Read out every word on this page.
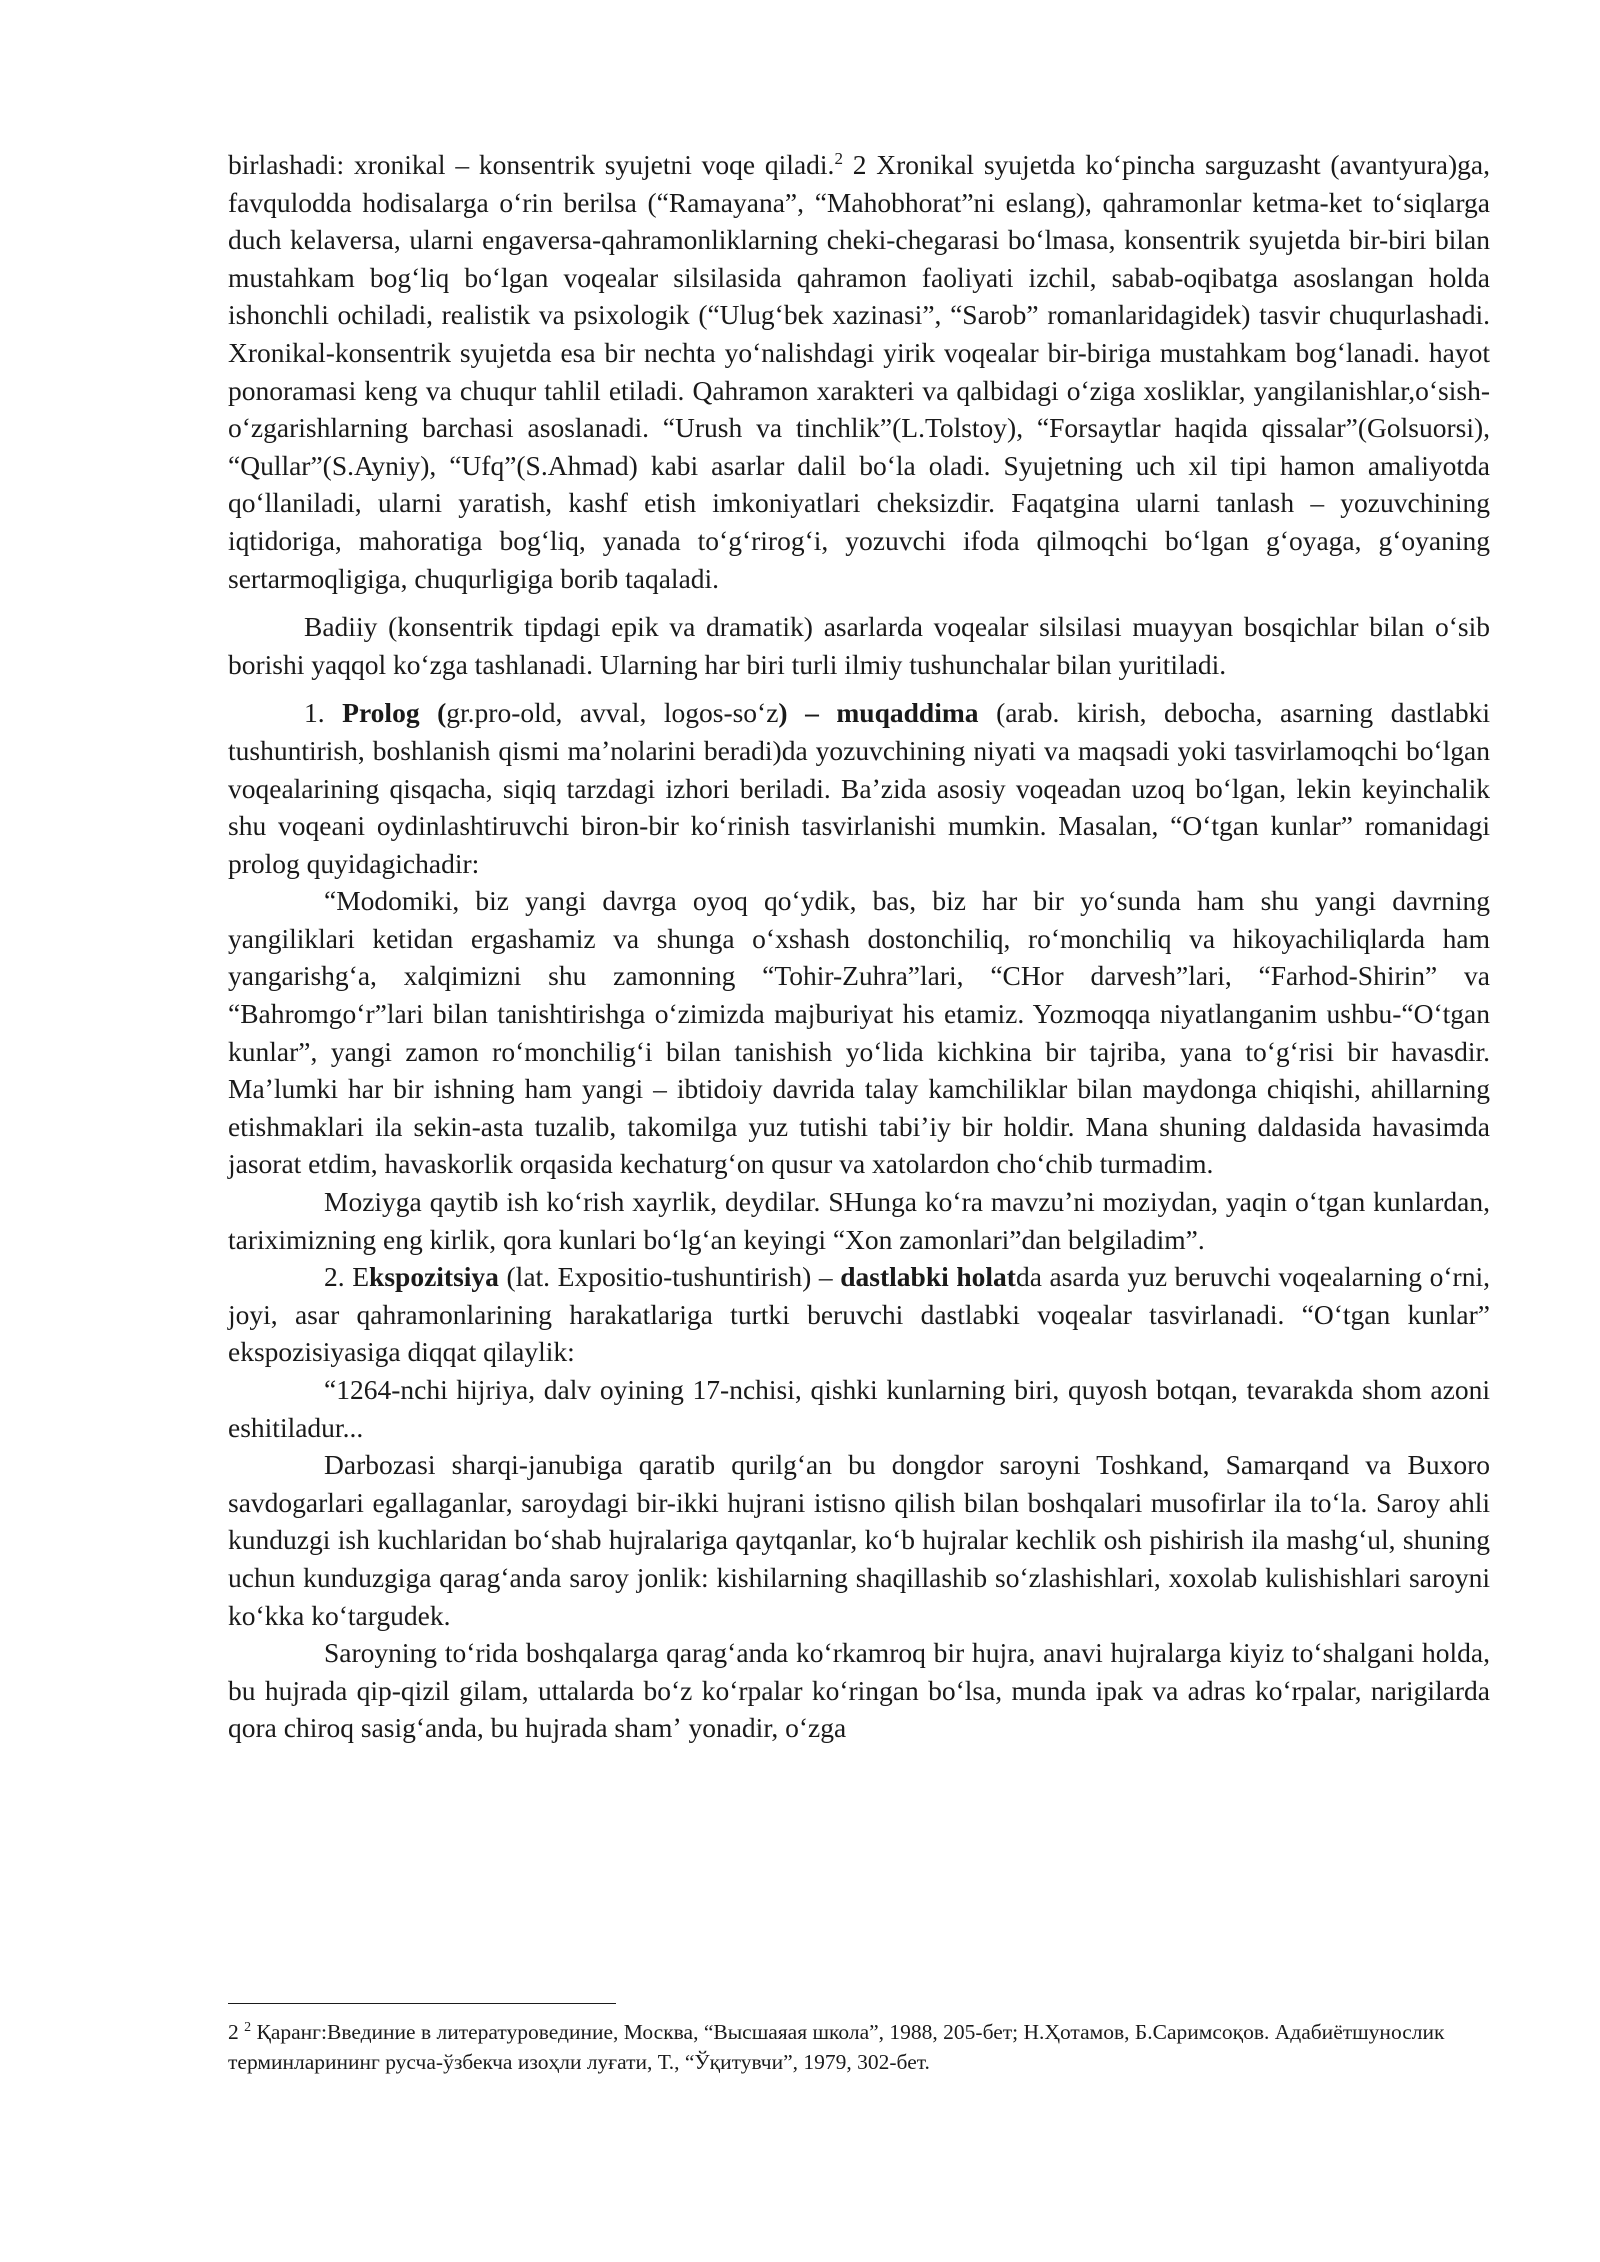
birlashadi: xronikal – konsentrik syujetni voqe qiladi.$^2$ 2 Xronikal syujetda koʻpincha sarguzasht (avantyura)ga, favqulodda hodisalarga oʻrin berilsa (“Ramayana”, “Mahobhorat”ni eslang), qahramonlar ketma-ket toʻsiqlarga duch kelaversa, ularni engaversa-qahramonliklarning cheki-chegarasi boʻlmasa, konsentrik syujetda bir-biri bilan mustahkam bogʻliq boʻlgan voqealar silsilasida qahramon faoliyati izchil, sabab-oqibatga asoslangan holda ishonchli ochiladi, realistik va psixologik (“Ulugʻbek xazinasi”, “Sarob” romanlaridagidek) tasvir chuqurlashadi. Xronikal-konsentrik syujetda esa bir nechta yoʻnalishdagi yirik voqealar bir-biriga mustahkam bogʻlanadi. hayot ponoramasi keng va chuqur tahlil etiladi. Qahramon xarakteri va qalbidagi oʻziga xosliklar, yangilanishlar,oʻsish-oʻzgarishlarning barchasi asoslanadi. “Urush va tinchlik”(L.Tolstoy), “Forsaytlar haqida qissalar”(Golsuorsi), “Qullar”(S.Ayniy), “Ufq”(S.Ahmad) kabi asarlar dalil boʻla oladi. Syujetning uch xil tipi hamon amaliyotda qoʻllaniladi, ularni yaratish, kashf etish imkoniyatlari cheksizdir. Faqatgina ularni tanlash – yozuvchining iqtidoriga, mahoratiga bogʻliq, yanada toʻgʻrirogʻi, yozuvchi ifoda qilmoqchi boʻlgan gʻoyaga, gʻoyaning sertarmoqligiga, chuqurligiga borib taqaladi.

Badiiy (konsentrik tipdagi epik va dramatik) asarlarda voqealar silsilasi muayyan bosqichlar bilan oʻsib borishi yaqqol koʻzga tashlanadi. Ularning har biri turli ilmiy tushunchalar bilan yuritiladi.

1. Prolog (gr.pro-old, avval, logos-soʻz) – muqaddima (arab. kirish, debocha, asarning dastlabki tushuntirish, boshlanish qismi maʼnolarini beradi)da yozuvchining niyati va maqsadi yoki tasvirlamoqchi boʻlgan voqealarining qisqacha, siqiq tarzdagi izhori beriladi. Baʼzida asosiy voqeadan uzoq boʻlgan, lekin keyinchalik shu voqeani oydinlashtiruvchi biron-bir koʻrinish tasvirlanishi mumkin. Masalan, “Oʻtgan kunlar” romanidagi prolog quyidagichadir:

“Modomiki, biz yangi davrga oyoq qoʻydik, bas, biz har bir yoʻsunda ham shu yangi davrning yangiliklari ketidan ergashamiz va shunga oʻxshash dostonchiliq, roʻmonchiliq va hikoyachiliqlarda ham yangarishgʻa, xalqimizni shu zamonning “Tohir-Zuhra”lari, “CHor darvesh”lari, “Farhod-Shirin” va “Bahromgoʻr”lari bilan tanishtirishga oʻzimizda majburiyat his etamiz. Yozmoqqa niyatlanganim ushbu-“Oʻtgan kunlar”, yangi zamon roʻmonchiligʻi bilan tanishish yoʻlida kichkina bir tajriba, yana toʻgʻrisi bir havasdir. Maʼlumki har bir ishning ham yangi – ibtidoiy davrida talay kamchiliklar bilan maydonga chiqishi, ahillarning etishmaklari ila sekin-asta tuzalib, takomilga yuz tutishi tabiʼiy bir holdir. Mana shuning daldasida havasimda jasorat etdim, havaskorlik orqasida kechaturgʻon qusur va xatolardon choʻchib turmadim.

Moziyga qaytib ish koʻrish xayrlik, deydilar. SHunga koʻra mavzuʼni moziydan, yaqin oʻtgan kunlardan, tariximizning eng kirlik, qora kunlari boʻlgʻan keyingi “Xon zamonlari”dan belgiladim”.

2. Ekspozitsiya (lat. Expositio-tushuntirish) – dastlabki holatda asarda yuz beruvchi voqealarning oʻrni, joyi, asar qahramonlarining harakatlariga turtki beruvchi dastlabki voqealar tasvirlanadi. “Oʻtgan kunlar” ekspozisiyasiga diqqat qilaylik:

“1264-nchi hijriya, dalv oyining 17-nchisi, qishki kunlarning biri, quyosh botqan, tevarakda shom azoni eshitiladur...

Darbozasi sharqi-janubiga qaratib qurilgʻan bu dongdor saroyni Toshkand, Samarqand va Buxoro savdogarlari egallaganlar, saroydagi bir-ikki hujrani istisno qilish bilan boshqalari musofirlar ila toʻla. Saroy ahli kunduzgi ish kuchlaridan boʻshab hujralariga qaytqanlar, koʻb hujralar kechlik osh pishirish ila mashgʻul, shuning uchun kunduzgiga qaragʻanda saroy jonlik: kishilarning shaqillashib soʻzlashishlari, xoxolab kulishishlari saroyni koʻkka koʻtargudek.

Saroyning toʻrida boshqalarga qaragʻanda koʻrkamroq bir hujra, anavi hujralarga kiyiz toʻshalgani holda, bu hujrada qip-qizil gilam, uttalarda boʻz koʻrpalar koʻringan boʻlsa, munda ipak va adras koʻrpalar, narigilarda qora chiroq sasigʻanda, bu hujrada shamʼ yonadir, oʻzga

2 $^2$ Қаранг:Введиние в литературовединие, Москва, “Высшаяая школа”, 1988, 205-бет; Н.Ҳотамов, Б.Саримсоқов. Адабиётшунослик терминларининг русча-ўзбекча изоҳли луғати, Т., “Ўқитувчи”, 1979, 302-бет.
